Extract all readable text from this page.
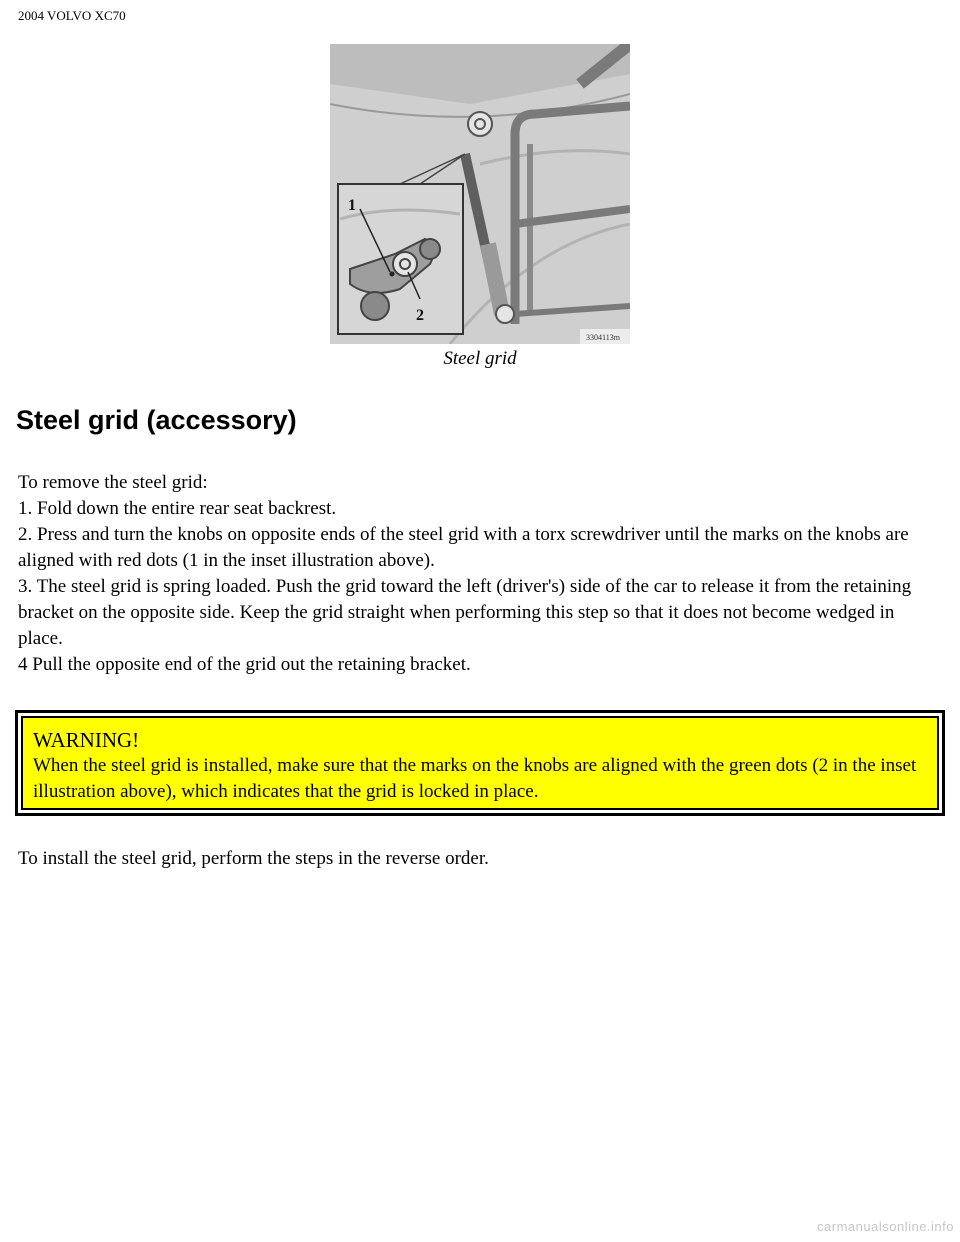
2004 VOLVO XC70
1
2
3304113m
Steel grid
Steel grid (accessory)
To remove the steel grid:
1. Fold down the entire rear seat backrest.
2. Press and turn the knobs on opposite ends of the steel grid with a torx screwdriver until the marks on the knobs are aligned with red dots (1 in the inset illustration above).
3. The steel grid is spring loaded. Push the grid toward the left (driver's) side of the car to release it from the retaining bracket on the opposite side. Keep the grid straight when performing this step so that it does not become wedged in place.
4 Pull the opposite end of the grid out the retaining bracket.
WARNING!
When the steel grid is installed, make sure that the marks on the knobs are aligned with the green dots (2 in the inset illustration above), which indicates that the grid is locked in place.
To install the steel grid, perform the steps in the reverse order.
carmanualsonline.info
